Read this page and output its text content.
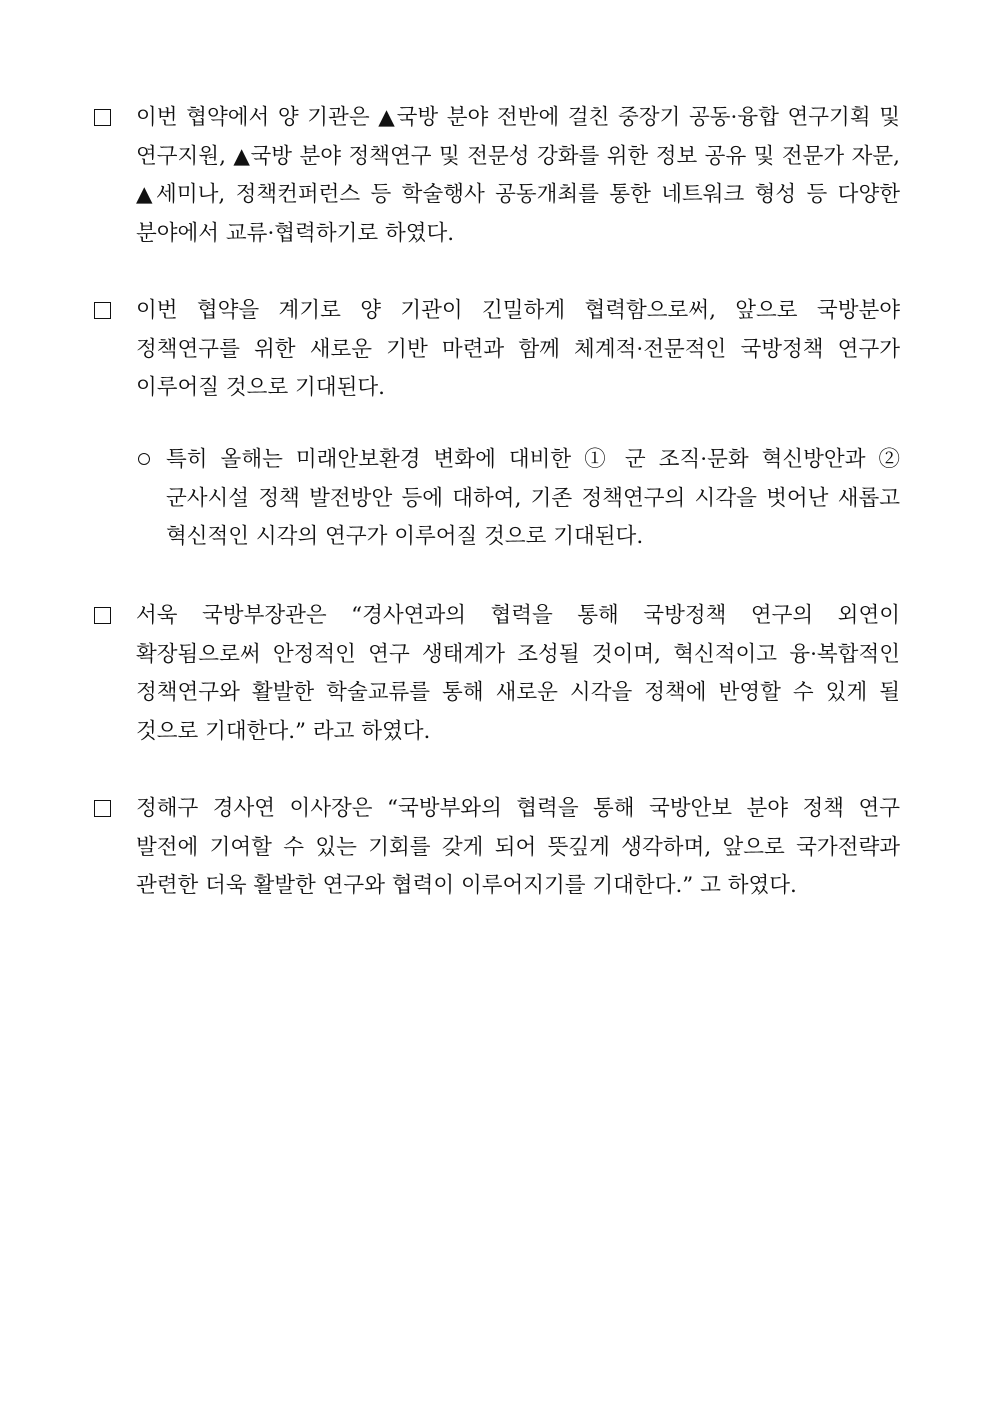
이번 협약에서 양 기관은 ▲국방 분야 전반에 걸친 중장기 공동·융합 연구기획 및 연구지원, ▲국방 분야 정책연구 및 전문성 강화를 위한 정보 공유 및 전문가 자문, ▲세미나, 정책컨퍼런스 등 학술행사 공동개최를 통한 네트워크 형성 등 다양한 분야에서 교류·협력하기로 하였다.
이번 협약을 계기로 양 기관이 긴밀하게 협력함으로써, 앞으로 국방분야 정책연구를 위한 새로운 기반 마련과 함께 체계적·전문적인 국방정책 연구가 이루어질 것으로 기대된다.
특히 올해는 미래안보환경 변화에 대비한 ① 군 조직·문화 혁신방안과 ② 군사시설 정책 발전방안 등에 대하여, 기존 정책연구의 시각을 벗어난 새롭고 혁신적인 시각의 연구가 이루어질 것으로 기대된다.
서욱 국방부장관은 “경사연과의 협력을 통해 국방정책 연구의 외연이 확장됨으로써 안정적인 연구 생태계가 조성될 것이며, 혁신적이고 융·복합적인 정책연구와 활발한 학술교류를 통해 새로운 시각을 정책에 반영할 수 있게 될 것으로 기대한다.” 라고 하였다.
정해구 경사연 이사장은 “국방부와의 협력을 통해 국방안보 분야 정책 연구 발전에 기여할 수 있는 기회를 갖게 되어 뜻깊게 생각하며, 앞으로 국가전략과 관련한 더욱 활발한 연구와 협력이 이루어지기를 기대한다.” 고 하였다.
